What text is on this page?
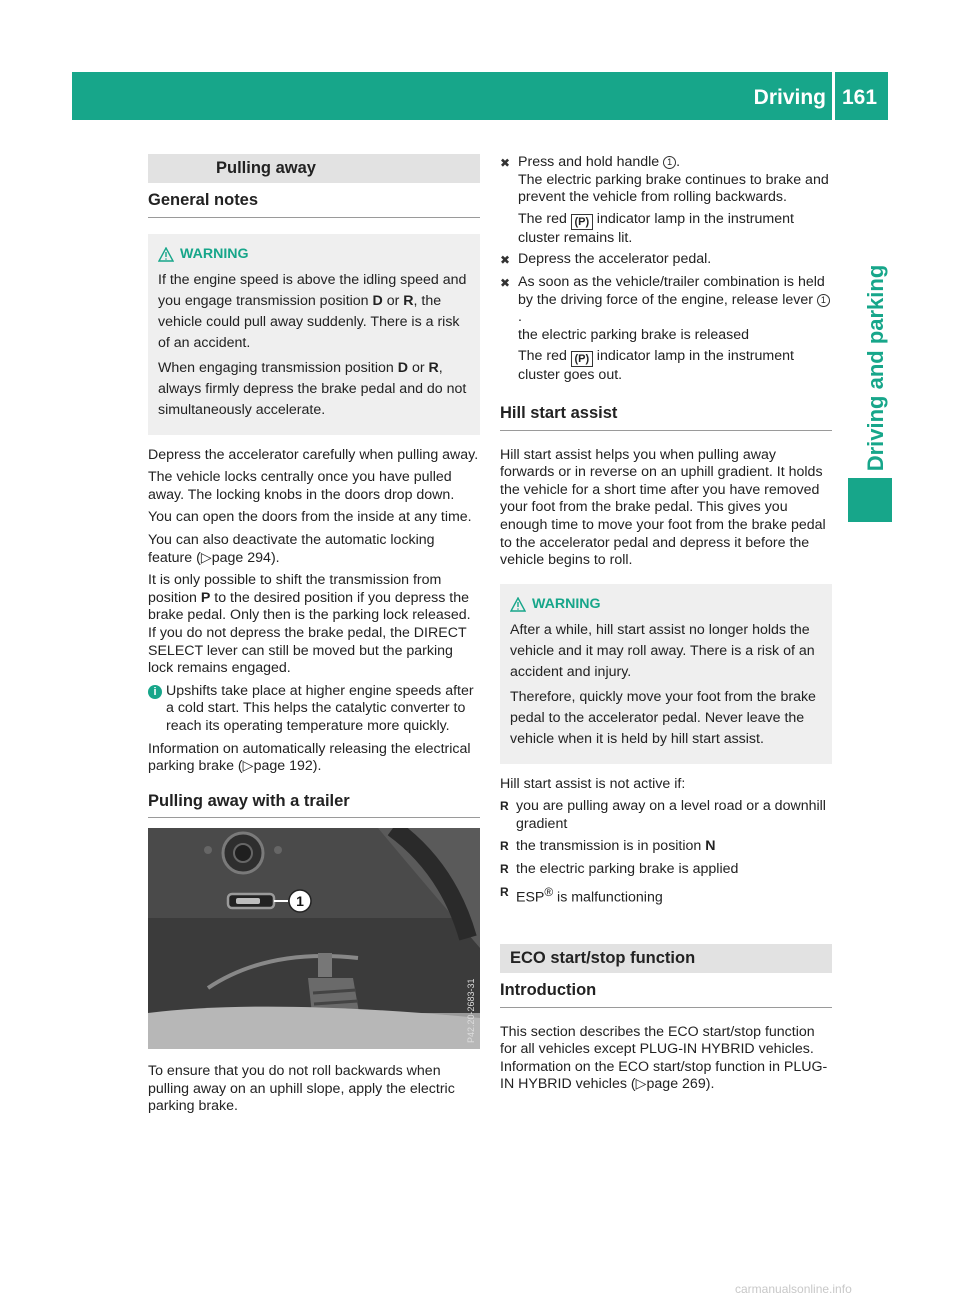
Driving 161
Driving and parking
Pulling away
General notes
WARNING

If the engine speed is above the idling speed and you engage transmission position D or R, the vehicle could pull away suddenly. There is a risk of an accident.

When engaging transmission position D or R, always firmly depress the brake pedal and do not simultaneously accelerate.

Depress the accelerator carefully when pulling away.

The vehicle locks centrally once you have pulled away. The locking knobs in the doors drop down.

You can open the doors from the inside at any time.

You can also deactivate the automatic locking feature (▷page 294).

It is only possible to shift the transmission from position P to the desired position if you depress the brake pedal. Only then is the parking lock released. If you do not depress the brake pedal, the DIRECT SELECT lever can still be moved but the parking lock remains engaged.

i Upshifts take place at higher engine speeds after a cold start. This helps the catalytic converter to reach its operating temperature more quickly.

Information on automatically releasing the electrical parking brake (▷page 192).

Pulling away with a trailer
1
P42.20-2683-31

To ensure that you do not roll backwards when pulling away on an uphill slope, apply the electric parking brake.

✖ Press and hold handle 1 .
The electric parking brake continues to brake and prevent the vehicle from rolling backwards.
The red (P) indicator lamp in the instrument cluster remains lit.
✖ Depress the accelerator pedal.
✖ As soon as the vehicle/trailer combination is held by the driving force of the engine, release lever 1.
the electric parking brake is released
The red (P) indicator lamp in the instrument cluster goes out.
Hill start assist

Hill start assist helps you when pulling away forwards or in reverse on an uphill gradient. It holds the vehicle for a short time after you have removed your foot from the brake pedal. This gives you enough time to move your foot from the brake pedal to the accelerator pedal and depress it before the vehicle begins to roll.

WARNING

After a while, hill start assist no longer holds the vehicle and it may roll away. There is a risk of an accident and injury.

Therefore, quickly move your foot from the brake pedal to the accelerator pedal. Never leave the vehicle when it is held by hill start assist.

Hill start assist is not active if:

R you are pulling away on a level road or a downhill gradient
R the transmission is in position N
R the electric parking brake is applied
R ESP® is malfunctioning
ECO start/stop function
Introduction

This section describes the ECO start/stop function for all vehicles except PLUG-IN HYBRID vehicles. Information on the ECO start/stop function in PLUG-IN HYBRID vehicles (▷page 269).

carmanualsonline.info
